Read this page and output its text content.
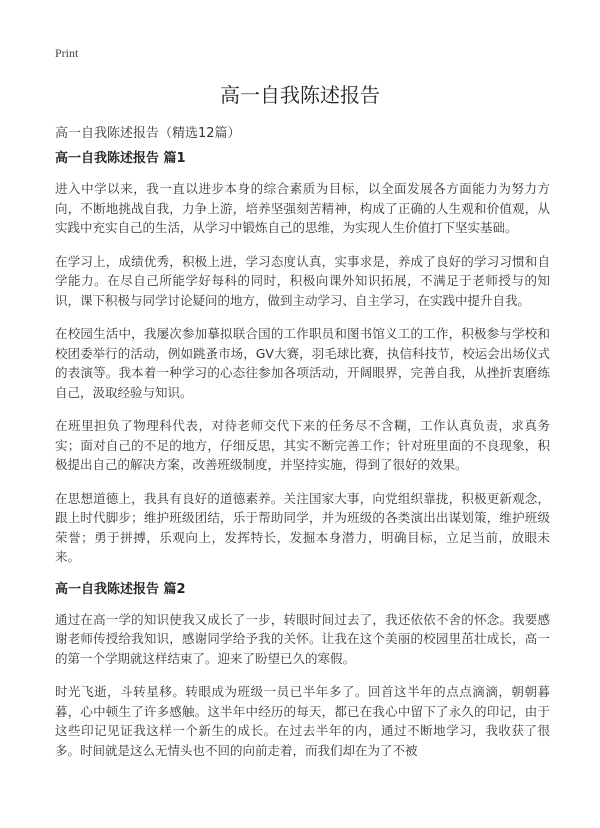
Print
高一自我陈述报告
高一自我陈述报告（精选12篇）
高一自我陈述报告 篇1

进入中学以来，我一直以进步本身的综合素质为目标，以全面发展各方面能力为努力方向，不断地挑战自我，力争上游，培养坚强刻苦精神，构成了正确的人生观和价值观，从实践中充实自己的生活，从学习中锻炼自己的思维，为实现人生价值打下坚实基础。

在学习上，成绩优秀，积极上进，学习态度认真，实事求是，养成了良好的学习习惯和自学能力。在尽自己所能学好每科的同时，积极向课外知识拓展，不满足于老师授与的知识，课下积极与同学讨论疑问的地方，做到主动学习、自主学习，在实践中提升自我。

在校园生活中，我屡次参加摹拟联合国的工作职员和图书馆义工的工作，积极参与学校和校团委举行的活动，例如跳蚤市场，GV大赛，羽毛球比赛，执信科技节，校运会出场仪式的表演等。我本着一种学习的心态往参加各项活动，开阔眼界，完善自我，从挫折衷磨练自己，汲取经验与知识。

在班里担负了物理科代表，对待老师交代下来的任务尽不含糊，工作认真负责，求真务实；面对自己的不足的地方，仔细反思，其实不断完善工作；针对班里面的不良现象，积极提出自己的解决方案，改善班级制度，并坚持实施，得到了很好的效果。

在思想道德上，我具有良好的道德素养。关注国家大事，向党组织靠拢，积极更新观念，跟上时代脚步；维护班级团结，乐于帮助同学，并为班级的各类演出出谋划策，维护班级荣誉；勇于拼搏，乐观向上，发挥特长，发掘本身潜力，明确目标，立足当前，放眼未来。

高一自我陈述报告 篇2

通过在高一学的知识使我又成长了一步，转眼时间过去了，我还依依不舍的怀念。我要感谢老师传授给我知识，感谢同学给予我的关怀。让我在这个美丽的校园里茁壮成长，高一的第一个学期就这样结束了。迎来了盼望已久的寒假。

时光飞逝，斗转星移。转眼成为班级一员已半年多了。回首这半年的点点滴滴，朝朝暮暮，心中顿生了许多感触。这半年中经历的每天，都已在我心中留下了永久的印记，由于这些印记见证我这样一个新生的成长。在过去半年的内，通过不断地学习，我收获了很多。时间就是这么无情头也不回的向前走着，而我们却在为了不被
